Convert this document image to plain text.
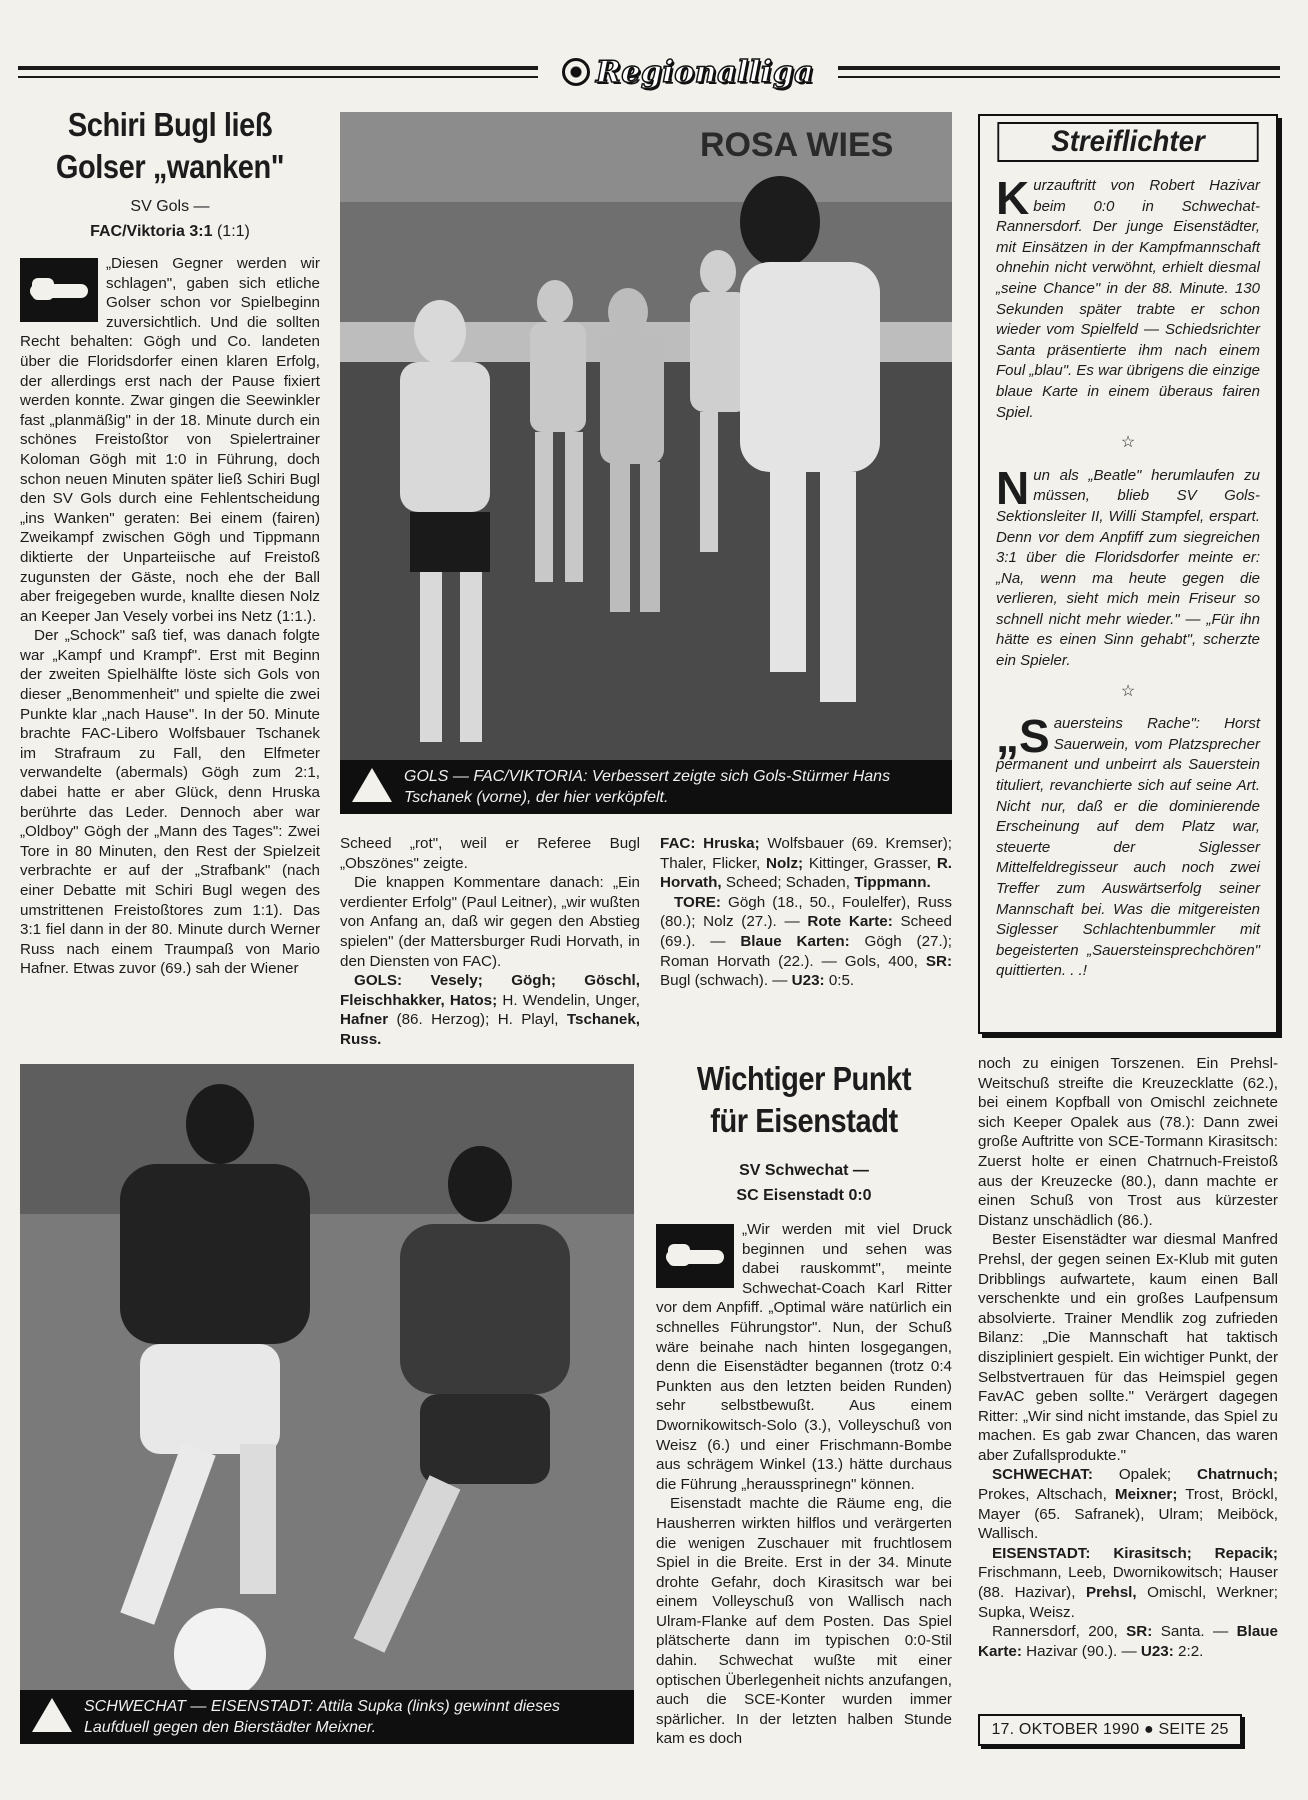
Regionalliga
Schiri Bugl ließ
Golser „wanken"
SV Gols —
FAC/Viktoria 3:1 (1:1)

„Diesen Gegner werden wir schlagen", gaben sich etliche Golser schon vor Spielbeginn zuversichtlich. Und die sollten Recht behalten: Gögh und Co. landeten über die Floridsdorfer einen klaren Erfolg, der allerdings erst nach der Pause fixiert werden konnte. Zwar gingen die Seewinkler fast „planmäßig" in der 18. Minute durch ein schönes Freistoßtor von Spielertrainer Koloman Gögh mit 1:0 in Führung, doch schon neuen Minuten später ließ Schiri Bugl den SV Gols durch eine Fehlentscheidung „ins Wanken" geraten: Bei einem (fairen) Zweikampf zwischen Gögh und Tippmann diktierte der Unparteiische auf Freistoß zugunsten der Gäste, noch ehe der Ball aber freigegeben wurde, knallte diesen Nolz an Keeper Jan Vesely vorbei ins Netz (1:1.).

Der „Schock" saß tief, was danach folgte war „Kampf und Krampf". Erst mit Beginn der zweiten Spielhälfte löste sich Gols von dieser „Benommenheit" und spielte die zwei Punkte klar „nach Hause". In der 50. Minute brachte FAC-Libero Wolfsbauer Tschanek im Strafraum zu Fall, den Elfmeter verwandelte (abermals) Gögh zum 2:1, dabei hatte er aber Glück, denn Hruska berührte das Leder. Dennoch aber war „Oldboy" Gögh der „Mann des Tages": Zwei Tore in 80 Minuten, den Rest der Spielzeit verbrachte er auf der „Strafbank" (nach einer Debatte mit Schiri Bugl wegen des umstrittenen Freistoßtores zum 1:1). Das 3:1 fiel dann in der 80. Minute durch Werner Russ nach einem Traumpaß von Mario Hafner. Etwas zuvor (69.) sah der Wiener

ROSA WIES
GOLS — FAC/VIKTORIA: Verbessert zeigte sich Gols-Stürmer Hans Tschanek (vorne), der hier verköpfelt.

Scheed „rot", weil er Referee Bugl „Obszönes" zeigte.

Die knappen Kommentare danach: „Ein verdienter Erfolg" (Paul Leitner), „wir wußten von Anfang an, daß wir gegen den Abstieg spielen" (der Mattersburger Rudi Horvath, in den Diensten von FAC).

GOLS: Vesely; Gögh; Göschl, Fleischhakker, Hatos; H. Wendelin, Unger, Hafner (86. Herzog); H. Playl, Tschanek, Russ.

FAC: Hruska; Wolfsbauer (69. Kremser); Thaler, Flicker, Nolz; Kittinger, Grasser, R. Horvath, Scheed; Schaden, Tippmann.

TORE: Gögh (18., 50., Foulelfer), Russ (80.); Nolz (27.). — Rote Karte: Scheed (69.). — Blaue Karten: Gögh (27.); Roman Horvath (22.). — Gols, 400, SR: Bugl (schwach). — U23: 0:5.

Streiflichter

Kurzauftritt von Robert Hazivar beim 0:0 in Schwechat-Rannersdorf. Der junge Eisenstädter, mit Einsätzen in der Kampfmannschaft ohnehin nicht verwöhnt, erhielt diesmal „seine Chance" in der 88. Minute. 130 Sekunden später trabte er schon wieder vom Spielfeld — Schiedsrichter Santa präsentierte ihm nach einem Foul „blau". Es war übrigens die einzige blaue Karte in einem überaus fairen Spiel.

☆

Nun als „Beatle" herumlaufen zu müssen, blieb SV Gols-Sektionsleiter II, Willi Stampfel, erspart. Denn vor dem Anpfiff zum siegreichen 3:1 über die Floridsdorfer meinte er: „Na, wenn ma heute gegen die verlieren, sieht mich mein Friseur so schnell nicht mehr wieder." — „Für ihn hätte es einen Sinn gehabt", scherzte ein Spieler.

☆

„Sauersteins Rache": Horst Sauerwein, vom Platzsprecher permanent und unbeirrt als Sauerstein tituliert, revanchierte sich auf seine Art. Nicht nur, daß er die dominierende Erscheinung auf dem Platz war, steuerte der Siglesser Mittelfeldregisseur auch noch zwei Treffer zum Auswärtserfolg seiner Mannschaft bei. Was die mitgereisten Siglesser Schlachtenbummler mit begeisterten „Sauersteinsprechchören" quittierten. . .!

SCHWECHAT — EISENSTADT: Attila Supka (links) gewinnt dieses Laufduell gegen den Bierstädter Meixner.
Wichtiger Punkt
für Eisenstadt
SV Schwechat —
SC Eisenstadt 0:0

„Wir werden mit viel Druck beginnen und sehen was dabei rauskommt", meinte Schwechat-Coach Karl Ritter vor dem Anpfiff. „Optimal wäre natürlich ein schnelles Führungstor". Nun, der Schuß wäre beinahe nach hinten losgegangen, denn die Eisenstädter begannen (trotz 0:4 Punkten aus den letzten beiden Runden) sehr selbstbewußt. Aus einem Dwornikowitsch-Solo (3.), Volleyschuß von Weisz (6.) und einer Frischmann-Bombe aus schrägem Winkel (13.) hätte durchaus die Führung „heraussprinegn" können.

Eisenstadt machte die Räume eng, die Hausherren wirkten hilflos und verärgerten die wenigen Zuschauer mit fruchtlosem Spiel in die Breite. Erst in der 34. Minute drohte Gefahr, doch Kirasitsch war bei einem Volleyschuß von Wallisch nach Ulram-Flanke auf dem Posten. Das Spiel plätscherte dann im typischen 0:0-Stil dahin. Schwechat wußte mit einer optischen Überlegenheit nichts anzufangen, auch die SCE-Konter wurden immer spärlicher. In der letzten halben Stunde kam es doch

noch zu einigen Torszenen. Ein Prehsl-Weitschuß streifte die Kreuzecklatte (62.), bei einem Kopfball von Omischl zeichnete sich Keeper Opalek aus (78.): Dann zwei große Auftritte von SCE-Tormann Kirasitsch: Zuerst holte er einen Chatrnuch-Freistoß aus der Kreuzecke (80.), dann machte er einen Schuß von Trost aus kürzester Distanz unschädlich (86.).

Bester Eisenstädter war diesmal Manfred Prehsl, der gegen seinen Ex-Klub mit guten Dribblings aufwartete, kaum einen Ball verschenkte und ein großes Laufpensum absolvierte. Trainer Mendlik zog zufrieden Bilanz: „Die Mannschaft hat taktisch diszipliniert gespielt. Ein wichtiger Punkt, der Selbstvertrauen für das Heimspiel gegen FavAC geben sollte." Verärgert dagegen Ritter: „Wir sind nicht imstande, das Spiel zu machen. Es gab zwar Chancen, das waren aber Zufallsprodukte."

SCHWECHAT: Opalek; Chatrnuch; Prokes, Altschach, Meixner; Trost, Bröckl, Mayer (65. Safranek), Ulram; Meiböck, Wallisch.

EISENSTADT: Kirasitsch; Repacik; Frischmann, Leeb, Dwornikowitsch; Hauser (88. Hazivar), Prehsl, Omischl, Werkner; Supka, Weisz.

Rannersdorf, 200, SR: Santa. — Blaue Karte: Hazivar (90.). — U23: 2:2.

17. OKTOBER 1990 ● SEITE 25
